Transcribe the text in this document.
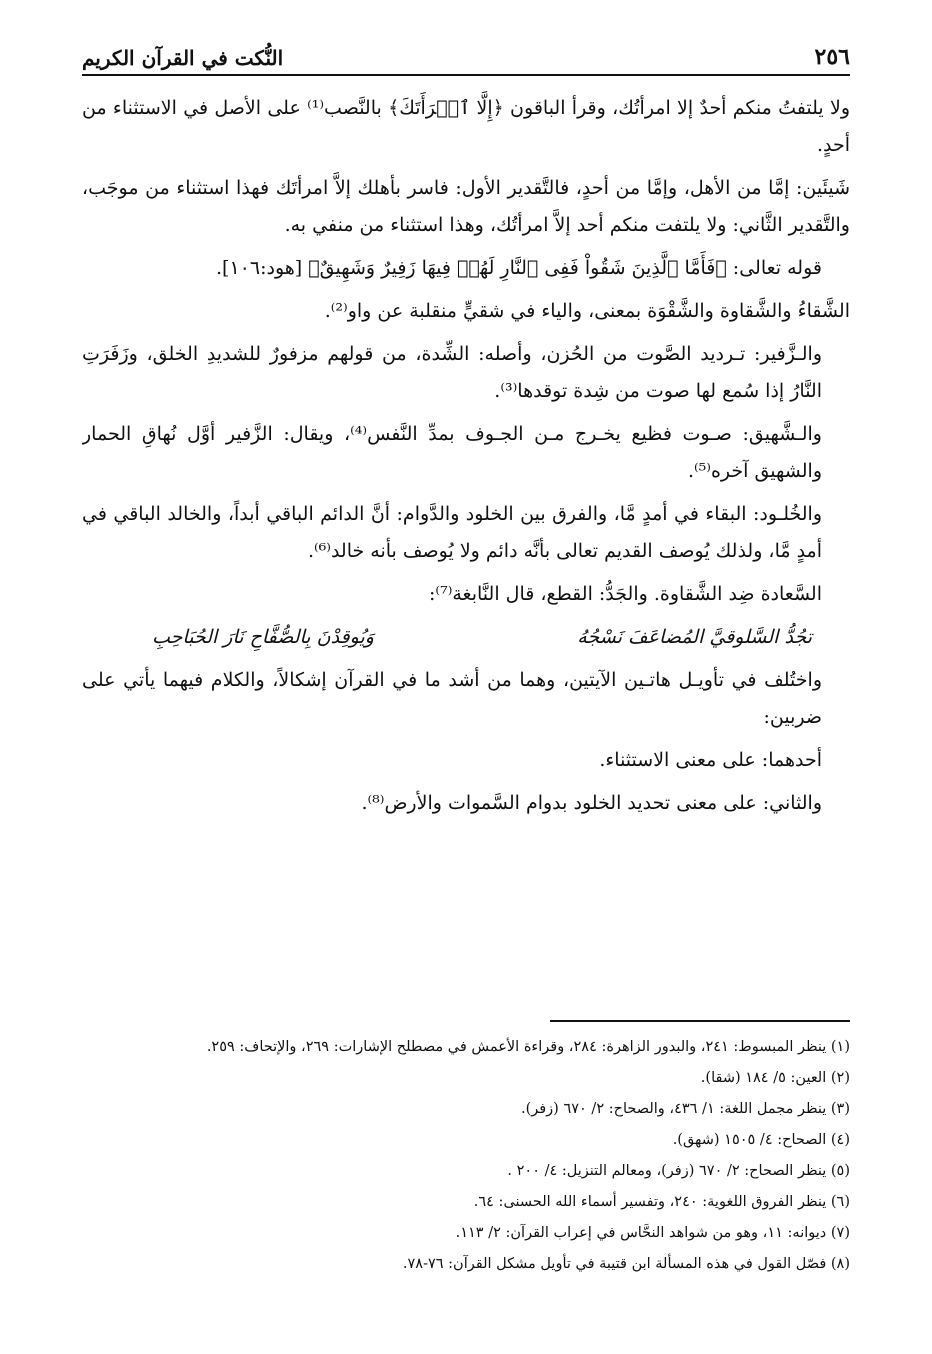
٢٥٦
النُّكت في القرآن الكريم

ولا يلتفتُ منكم أحدٌ إلا امرأتُك، وقرأ الباقون ﴿إِلَّا ٱمۡرَأَتَكَ﴾ بالنَّصب⁽¹⁾ على الأصل في الاستثناء من أحدٍ.

شَيئَين: إمَّا من الأهل، وإمَّا من أحدٍ، فالتَّقدير الأول: فاسر بأهلك إلاَّ امرأتَك فهذا استثناء من موجَب، والتَّقدير الثَّاني: ولا يلتفت منكم أحد إلاَّ امرأتُك، وهذا استثناء من منفي به.

قوله تعالى: ﴿فَأَمَّا ٱلَّذِينَ شَقُواْ فَفِى ٱلنَّارِ لَهُمۡ فِيهَا زَفِيرٌ وَشَهِيقٌ﴾ [هود:١٠٦].

الشَّقاءُ والشَّقاوة والشَّقْوَة بمعنى، والياء في شقيٍّ منقلبة عن واو⁽²⁾.

والـزَّفير: تـرديد الصَّوت من الحُزن، وأصله: الشِّدة، من قولهم مزفورٌ للشديدِ الخلق، وزَفَرَتِ النَّارُ إذا سُمع لها صوت من شِدة توقدها⁽³⁾.

والـشَّهيق: صـوت فظيع يخـرج مـن الجـوف بمدِّ النَّفس⁽⁴⁾، ويقال: الزَّفير أوَّل نُهاقِ الحمار والشهيق آخره⁽⁵⁾.

والخُلـود: البقاء في أمدٍ مَّا، والفرق بين الخلود والدَّوام: أنَّ الدائم الباقي أبداً، والخالد الباقي في أمدٍ مَّا، ولذلك يُوصف القديم تعالى بأنَّه دائم ولا يُوصف بأنه خالد⁽⁶⁾.

السَّعادة ضِد الشَّقاوة. والجَدُّ: القطع، قال النَّابغة⁽⁷⁾:

تجُدُّ السَّلوقيَّ المُضاعَفَ نَسْجُهُ
وَيُوقِدْنَ بِالصُّفَّاحِ نَارَ الحُبَاحِبِ

واختُلف في تأويـل هاتـين الآيتين، وهما من أشد ما في القرآن إشكالاً، والكلام فيهما يأتي على ضربين:

أحدهما: على معنى الاستثناء.

والثاني: على معنى تحديد الخلود بدوام السَّموات والأرض⁽⁸⁾.

(١) ينظر المبسوط: ٢٤١، والبدور الزاهرة: ٢٨٤، وقراءة الأعمش في مصطلح الإشارات: ٢٦٩، والإتحاف: ٢٥٩.
(٢) العين: ٥/ ١٨٤ (شقا).
(٣) ينظر مجمل اللغة: ١/ ٤٣٦، والصحاح: ٢/ ٦٧٠ (زفر).
(٤) الصحاح: ٤/ ١٥٠٥ (شهق).
(٥) ينظر الصحاح: ٢/ ٦٧٠ (زفر)، ومعالم التنزيل: ٤/ ٢٠٠ .
(٦) ينظر الفروق اللغوية: ٢٤٠، وتفسير أسماء الله الحسنى: ٦٤.
(٧) ديوانه: ١١، وهو من شواهد النحَّاس في إعراب القرآن: ٢/ ١١٣.
(٨) فصّل القول في هذه المسألة ابن قتيبة في تأويل مشكل القرآن: ٧٦-٧٨.
